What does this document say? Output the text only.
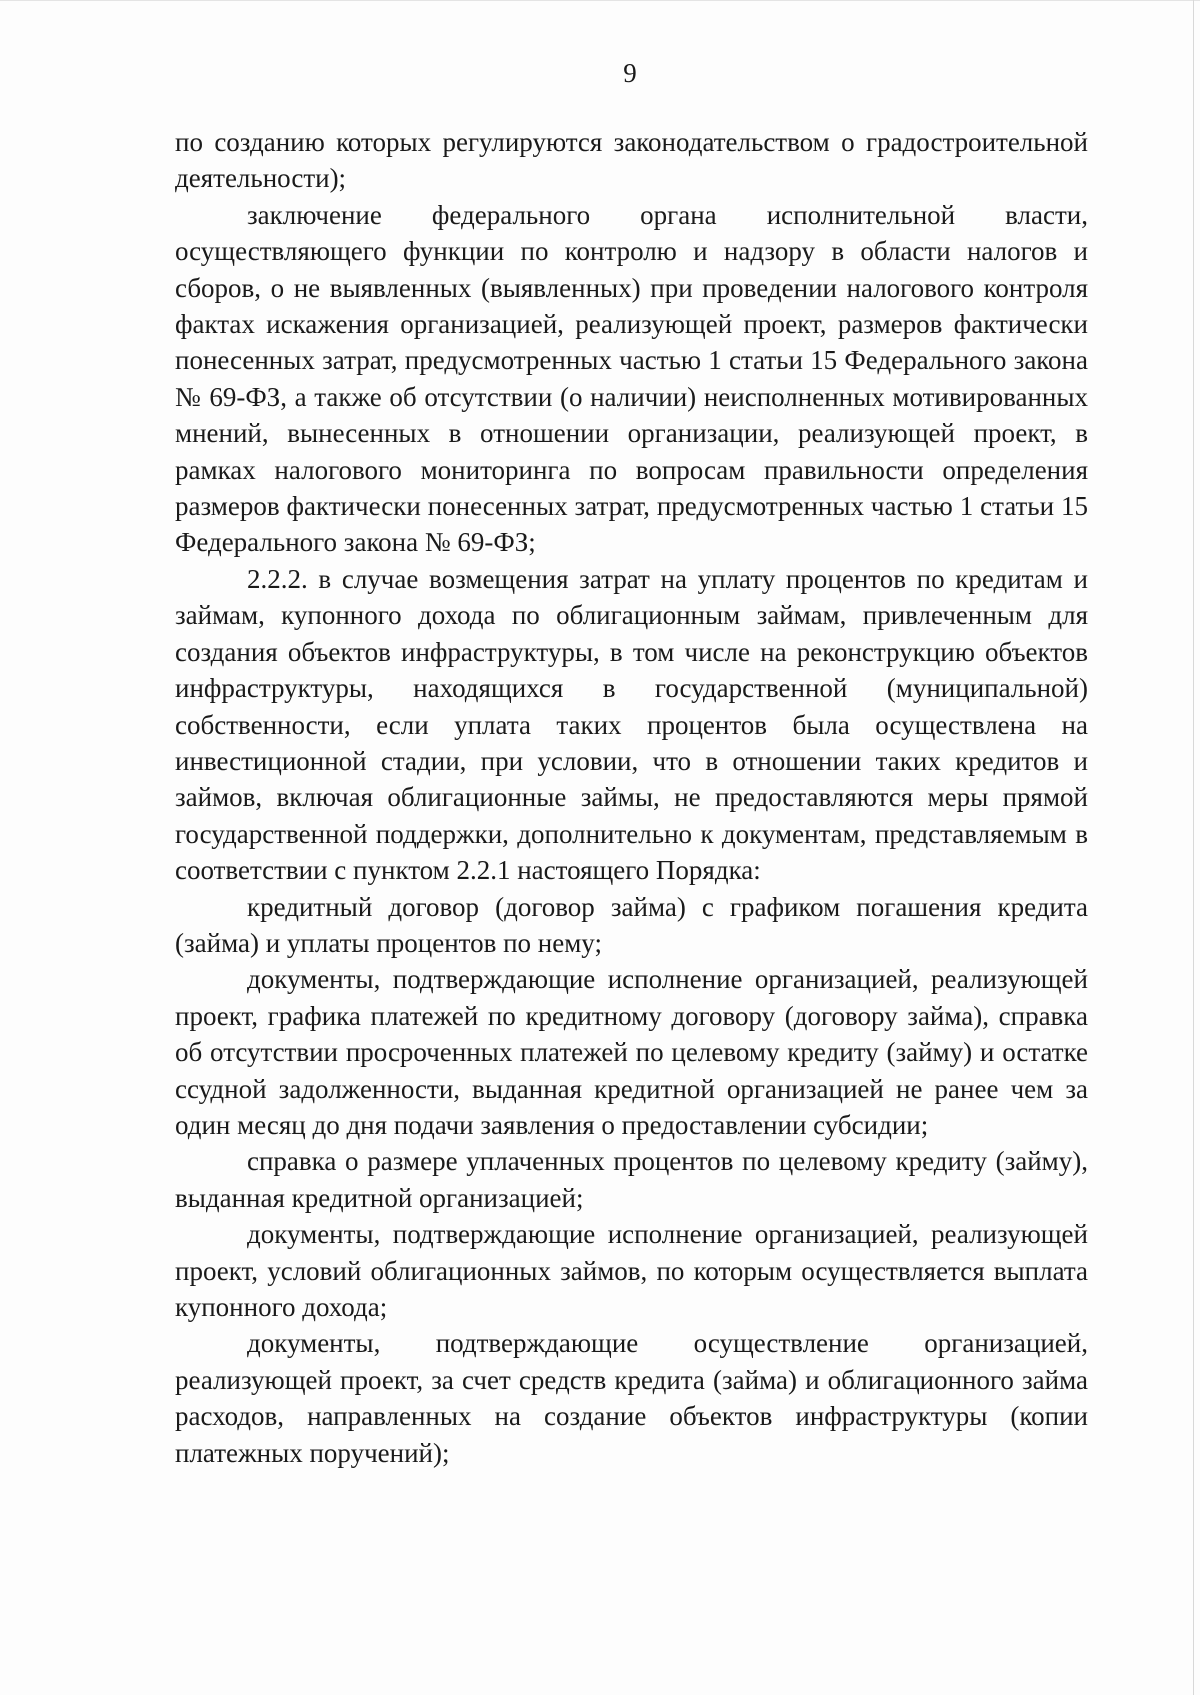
9

по созданию которых регулируются законодательством о градостроительной деятельности);

заключение федерального органа исполнительной власти, осуществляющего функции по контролю и надзору в области налогов и сборов, о не выявленных (выявленных) при проведении налогового контроля фактах искажения организацией, реализующей проект, размеров фактически понесенных затрат, предусмотренных частью 1 статьи 15 Федерального закона № 69-ФЗ, а также об отсутствии (о наличии) неисполненных мотивированных мнений, вынесенных в отношении организации, реализующей проект, в рамках налогового мониторинга по вопросам правильности определения размеров фактически понесенных затрат, предусмотренных частью 1 статьи 15 Федерального закона № 69-ФЗ;

2.2.2. в случае возмещения затрат на уплату процентов по кредитам и займам, купонного дохода по облигационным займам, привлеченным для создания объектов инфраструктуры, в том числе на реконструкцию объектов инфраструктуры, находящихся в государственной (муниципальной) собственности, если уплата таких процентов была осуществлена на инвестиционной стадии, при условии, что в отношении таких кредитов и займов, включая облигационные займы, не предоставляются меры прямой государственной поддержки, дополнительно к документам, представляемым в соответствии с пунктом 2.2.1 настоящего Порядка:

кредитный договор (договор займа) с графиком погашения кредита (займа) и уплаты процентов по нему;

документы, подтверждающие исполнение организацией, реализующей проект, графика платежей по кредитному договору (договору займа), справка об отсутствии просроченных платежей по целевому кредиту (займу) и остатке ссудной задолженности, выданная кредитной организацией не ранее чем за один месяц до дня подачи заявления о предоставлении субсидии;

справка о размере уплаченных процентов по целевому кредиту (займу), выданная кредитной организацией;

документы, подтверждающие исполнение организацией, реализующей проект, условий облигационных займов, по которым осуществляется выплата купонного дохода;

документы, подтверждающие осуществление организацией, реализующей проект, за счет средств кредита (займа) и облигационного займа расходов, направленных на создание объектов инфраструктуры (копии платежных поручений);
